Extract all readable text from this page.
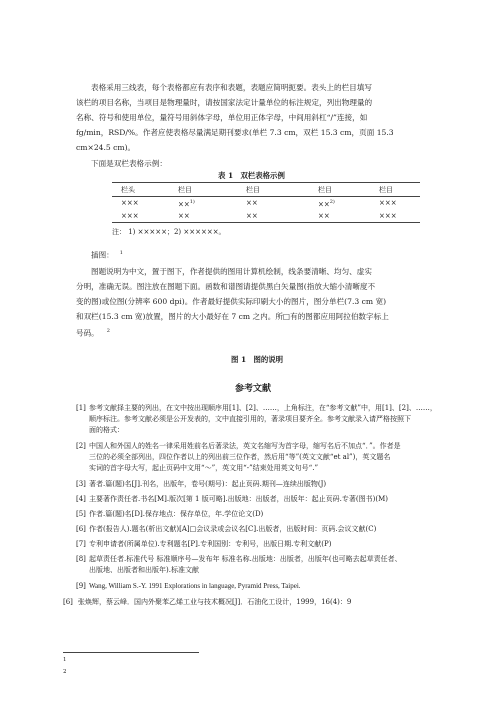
表格采用三线表，每个表格都应有表序和表题，表题应简明扼要。表头上的栏目填写

该栏的项目名称，当项目是物理量时，请按国家法定计量单位的标注规定，列出物理量的

名称、符号和使用单位，量符号用斜体字母，单位用正体字母，中间用斜杠“/”连接，如

fg/min，RSD/%。作者应使表格尽量满足期刊要求(单栏 7.3 cm，双栏 15.3 cm，页面 15.3

cm×24.5 cm)。

下面是双栏表格示例：

表 1　双栏表格示例
栏头	栏目	栏目	栏目	栏目
×××	××$^{1)}$	××	××$^{2)}$	×××
×××	××	××	××	×××
注： 1) ×××××；2) ××××××。
插图： $^1$

图题说明为中文，置于图下，作者提供的图用计算机绘制，线条要清晰、均匀、虚实

分明，准确无误。图注放在图题下面。函数和谱图请提供黑白矢量图(指放大缩小清晰度不

变的图)或位图(分辨率 600 dpi)。作者最好提供实际印刷大小的图片，图分单栏(7.3 cm 宽)

和双栏(15.3 cm 宽)放置，图片的大小最好在 7 cm 之内。所□有的图都应用阿拉伯数字标上

号码。 $^2$
图 1　图的说明
参考文献
[1] 参考文献择主要的列出，在文中按出现顺序用[1]、[2]、……，上角标注，在“参考文献”中，用[1]、[2]、……，
顺序标注。参考文献必须是公开发表的，文中直接引用的，著录项目要齐全。参考文献录入请严格按照下
面的格式：
[2] 中国人和外国人的姓名一律采用姓前名后著录法，英文名缩写为首字母，缩写名后不加点“．”。作者是
三位的必须全部列出，四位作者以上的列出前三位作者，然后用“等”(英文文献“et al”)，英文题名
实词的首字母大写，起止页码中文用“～”，英文用“-”结束处用英文句号“.”
[3] 著者.篇(题)名[J].刊名，出版年，卷号(期号)：起止页码.期刊—连续出版物(J)
[4] 主要著作责任者.书名[M].版次[第 1 版可略].出版地：出版者，出版年：起止页码.专著(图书)(M)
[5] 作者.篇(题)名[D].保存地点：保存单位，年.学位论文(D)
[6] 作者(报告人).题名(析出文献)[A]□会议录或会议名[C].出版者，出版时间：页码.会议文献(C)
[7] 专利申请者(所属单位).专利题名[P].专利国别：专利号，出版日期.专利文献(P)
[8] 起草责任者.标准代号 标准顺序号—发布年 标准名称.出版地：出版者，出版年(也可略去起草责任者、
出版地、出版者和出版年).标准文献
[9] Wang, William S.-Y. 1991 Explorations in language, Pyramid Press, Taipei.
[6] 张焕辉，蔡云峰．国内外聚苯乙烯工业与技术概况[J]．石油化工设计，1999，16(4)：9
1
2
